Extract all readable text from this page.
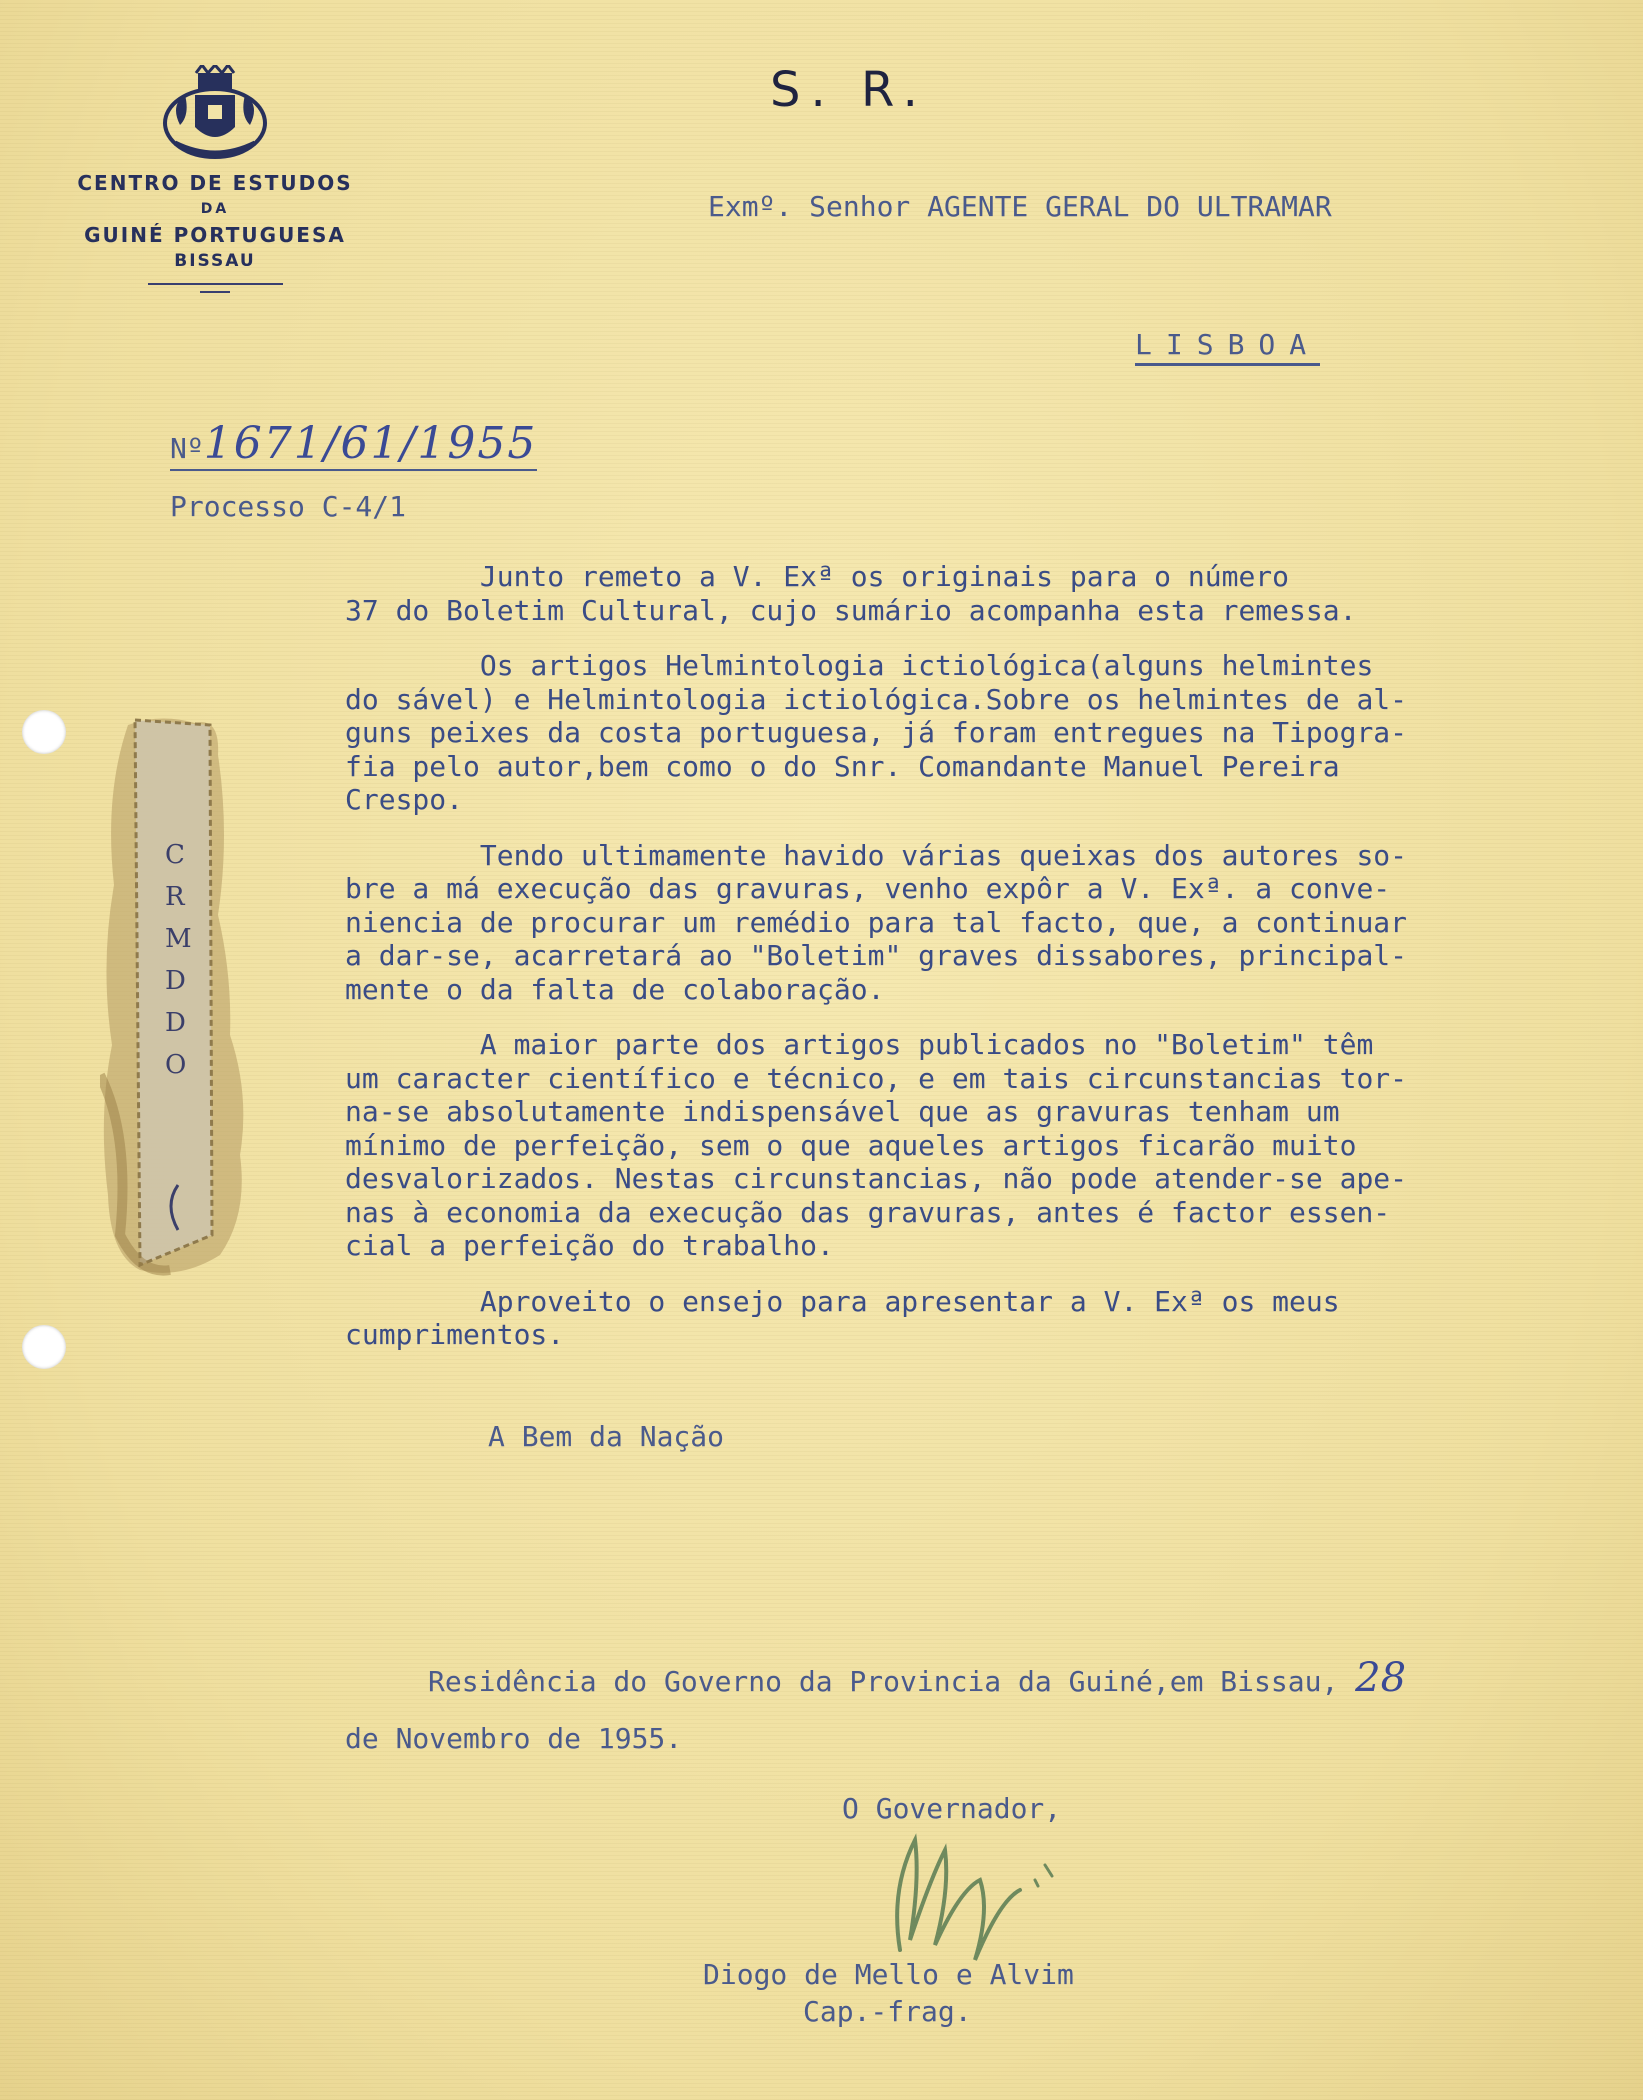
C
R
M
D
D
O
CENTRO DE ESTUDOS
DA
GUINÉ PORTUGUESA
BISSAU
S. R.
Exmº. Senhor AGENTE GERAL DO ULTRAMAR
LISBOA
Nº1671/61/1955
Processo C-4/1
Junto remeto a V. Exª os originais para o número
37 do Boletim Cultural, cujo sumário acompanha esta remessa.
Os artigos Helmintologia ictiológica(alguns helmintes
do sável) e Helmintologia ictiológica.Sobre os helmintes de al-
guns peixes da costa portuguesa, já foram entregues na Tipogra-
fia pelo autor,bem como o do Snr. Comandante Manuel Pereira
Crespo.
Tendo ultimamente havido várias queixas dos autores so-
bre a má execução das gravuras, venho expôr a V. Exª. a conve-
niencia de procurar um remédio para tal facto, que, a continuar
a dar-se, acarretará ao "Boletim" graves dissabores, principal-
mente o da falta de colaboração.
A maior parte dos artigos publicados no "Boletim" têm
um caracter científico e técnico, e em tais circunstancias tor-
na-se absolutamente indispensável que as gravuras tenham um
mínimo de perfeição, sem o que aqueles artigos ficarão muito
desvalorizados. Nestas circunstancias, não pode atender-se ape-
nas à economia da execução das gravuras, antes é factor essen-
cial a perfeição do trabalho.
Aproveito o ensejo para apresentar a V. Exª os meus
cumprimentos.
A Bem da Nação
Residência do Governo da Provincia da Guiné,em Bissau, 28
de Novembro de 1955.
O Governador,
Diogo de Mello e Alvim
Cap.-frag.
